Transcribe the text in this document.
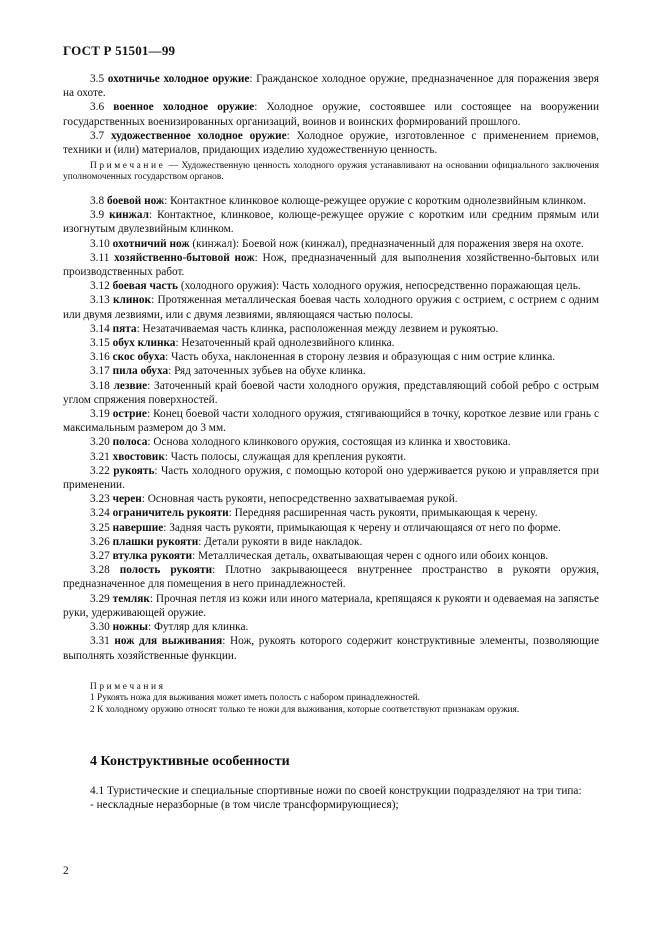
ГОСТ Р 51501—99

3.5 охотничье холодное оружие: Гражданское холодное оружие, предназначенное для поражения зверя на охоте.

3.6 военное холодное оружие: Холодное оружие, состоявшее или состоящее на вооружении государственных военизированных организаций, воинов и воинских формирований прошлого.

3.7 художественное холодное оружие: Холодное оружие, изготовленное с применением приемов, техники и (или) материалов, придающих изделию художественную ценность.

Примечание — Художественную ценность холодного оружия устанавливают на основании официального заключения уполномоченных государством органов.

3.8 боевой нож: Контактное клинковое колюще-режущее оружие с коротким однолезвийным клинком.

3.9 кинжал: Контактное, клинковое, колюще-режущее оружие с коротким или средним прямым или изогнутым двулезвийным клинком.

3.10 охотничий нож (кинжал): Боевой нож (кинжал), предназначенный для поражения зверя на охоте.

3.11 хозяйственно-бытовой нож: Нож, предназначенный для выполнения хозяйственно-бытовых или производственных работ.

3.12 боевая часть (холодного оружия): Часть холодного оружия, непосредственно поражающая цель.

3.13 клинок: Протяженная металлическая боевая часть холодного оружия с острием, с острием с одним или двумя лезвиями, или с двумя лезвиями, являющаяся частью полосы.

3.14 пята: Незатачиваемая часть клинка, расположенная между лезвием и рукоятью.

3.15 обух клинка: Незаточенный край однолезвийного клинка.

3.16 скос обуха: Часть обуха, наклоненная в сторону лезвия и образующая с ним острие клинка.

3.17 пила обуха: Ряд заточенных зубьев на обухе клинка.

3.18 лезвие: Заточенный край боевой части холодного оружия, представляющий собой ребро с острым углом спряжения поверхностей.

3.19 острие: Конец боевой части холодного оружия, стягивающийся в точку, короткое лезвие или грань с максимальным размером до 3 мм.

3.20 полоса: Основа холодного клинкового оружия, состоящая из клинка и хвостовика.

3.21 хвостовик: Часть полосы, служащая для крепления рукояти.

3.22 рукоять: Часть холодного оружия, с помощью которой оно удерживается рукою и управляется при применении.

3.23 черен: Основная часть рукояти, непосредственно захватываемая рукой.

3.24 ограничитель рукояти: Передняя расширенная часть рукояти, примыкающая к черену.

3.25 навершие: Задняя часть рукояти, примыкающая к черену и отличающаяся от него по форме.

3.26 плашки рукояти: Детали рукояти в виде накладок.

3.27 втулка рукояти: Металлическая деталь, охватывающая черен с одного или обоих концов.

3.28 полость рукояти: Плотно закрывающееся внутреннее пространство в рукояти оружия, предназначенное для помещения в него принадлежностей.

3.29 темляк: Прочная петля из кожи или иного материала, крепящаяся к рукояти и одеваемая на запястье руки, удерживающей оружие.

3.30 ножны: Футляр для клинка.

3.31 нож для выживания: Нож, рукоять которого содержит конструктивные элементы, позволяющие выполнять хозяйственные функции.

Примечания

1 Рукоять ножа для выживания может иметь полость с набором принадлежностей.

2 К холодному оружию относят только те ножи для выживания, которые соответствуют признакам оружия.

4 Конструктивные особенности

4.1 Туристические и специальные спортивные ножи по своей конструкции подразделяют на три типа:

- нескладные неразборные (в том числе трансформирующиеся);

2
